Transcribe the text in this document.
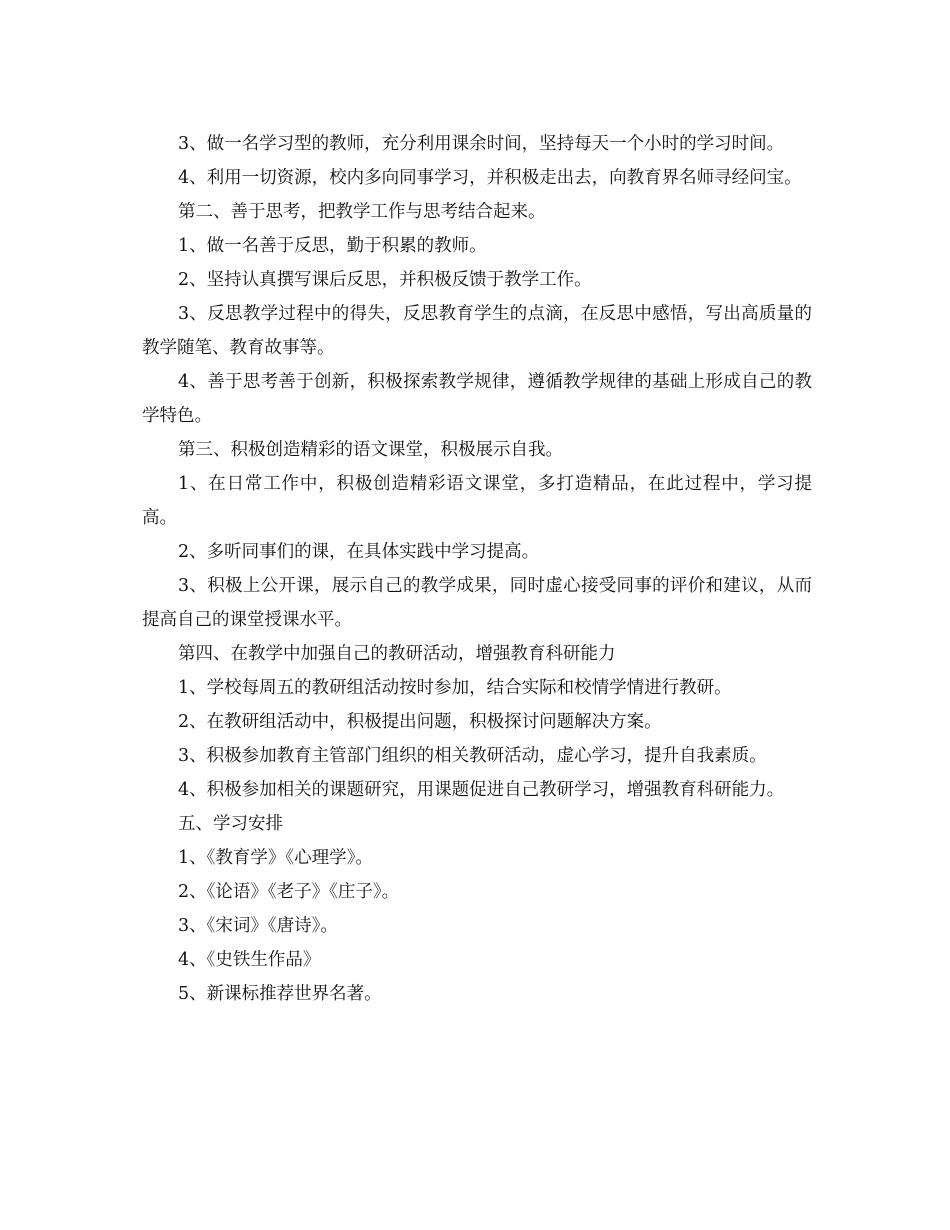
3、做一名学习型的教师，充分利用课余时间，坚持每天一个小时的学习时间。

4、利用一切资源，校内多向同事学习，并积极走出去，向教育界名师寻经问宝。

第二、善于思考，把教学工作与思考结合起来。

1、做一名善于反思，勤于积累的教师。

2、坚持认真撰写课后反思，并积极反馈于教学工作。

3、反思教学过程中的得失，反思教育学生的点滴，在反思中感悟，写出高质量的教学随笔、教育故事等。

4、善于思考善于创新，积极探索教学规律，遵循教学规律的基础上形成自己的教学特色。

第三、积极创造精彩的语文课堂，积极展示自我。

1、在日常工作中，积极创造精彩语文课堂，多打造精品，在此过程中，学习提高。

2、多听同事们的课，在具体实践中学习提高。

3、积极上公开课，展示自己的教学成果，同时虚心接受同事的评价和建议，从而提高自己的课堂授课水平。

第四、在教学中加强自己的教研活动，增强教育科研能力

1、学校每周五的教研组活动按时参加，结合实际和校情学情进行教研。

2、在教研组活动中，积极提出问题，积极探讨问题解决方案。

3、积极参加教育主管部门组织的相关教研活动，虚心学习，提升自我素质。

4、积极参加相关的课题研究，用课题促进自己教研学习，增强教育科研能力。

五、学习安排

1、《教育学》《心理学》。

2、《论语》《老子》《庄子》。

3、《宋词》《唐诗》。

4、《史铁生作品》

5、新课标推荐世界名著。
